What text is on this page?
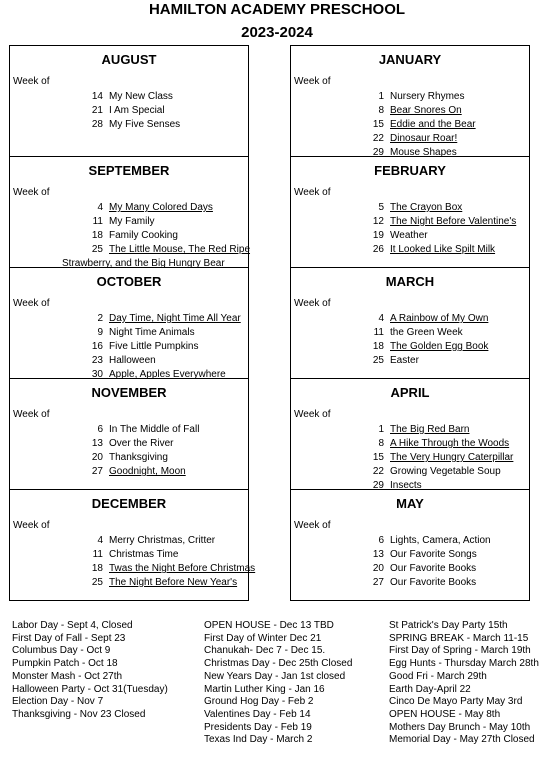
HAMILTON ACADEMY PRESCHOOL
2023-2024
AUGUST
Week of
14 My New Class
21 I Am Special
28 My Five Senses
SEPTEMBER
Week of
4 My Many Colored Days
11 My Family
18 Family Cooking
25 The Little Mouse, The Red Ripe
Strawberry, and the Big Hungry Bear
OCTOBER
Week of
2 Day Time, Night Time All Year
9 Night Time Animals
16 Five Little Pumpkins
23 Halloween
30 Apple, Apples Everywhere
NOVEMBER
Week of
6 In The Middle of Fall
13 Over the River
20 Thanksgiving
27 Goodnight, Moon
DECEMBER
Week of
4 Merry Christmas, Critter
11 Christmas Time
18 Twas the Night Before Christmas
25 The Night Before New Year's
JANUARY
Week of
1 Nursery Rhymes
8 Bear Snores On
15 Eddie and the Bear
22 Dinosaur Roar!
29 Mouse Shapes
FEBRUARY
Week of
5 The Crayon Box
12 The Night Before Valentine's
19 Weather
26 It Looked Like Spilt Milk
MARCH
Week of
4 A Rainbow of My Own
11 the Green Week
18 The Golden Egg Book
25 Easter
APRIL
Week of
1 The Big Red Barn
8 A Hike Through the Woods
15 The Very Hungry Caterpillar
22 Growing Vegetable Soup
29 Insects
MAY
Week of
6 Lights, Camera, Action
13 Our Favorite Songs
20 Our Favorite Books
27 Our Favorite Books
Labor Day - Sept 4, Closed
First Day of Fall - Sept 23
Columbus Day - Oct 9
Pumpkin Patch - Oct 18
Monster Mash - Oct 27th
Halloween Party - Oct 31(Tuesday)
Election Day - Nov 7
Thanksgiving - Nov 23 Closed
OPEN HOUSE - Dec 13 TBD
First Day of Winter Dec 21
Chanukah- Dec 7 - Dec 15.
Christmas Day - Dec 25th Closed
New Years Day - Jan 1st closed
Martin Luther King - Jan 16
Ground Hog Day - Feb 2
Valentines Day - Feb 14
Presidents Day - Feb 19
Texas Ind Day - March 2
St Patrick's Day Party 15th
SPRING BREAK - March 11-15
First Day of Spring - March 19th
Egg Hunts - Thursday March 28th
Good Fri - March 29th
Earth Day-April 22
Cinco De Mayo Party May 3rd
OPEN HOUSE - May 8th
Mothers Day Brunch - May 10th
Memorial Day - May 27th Closed
